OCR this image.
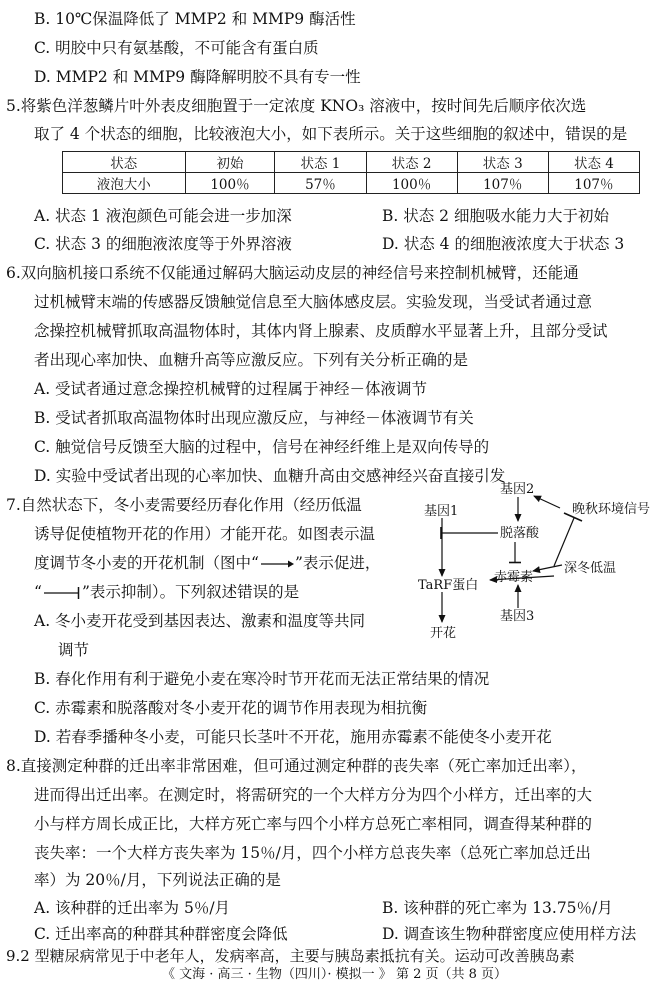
B. 10℃保温降低了 MMP2 和 MMP9 酶活性
C. 明胶中只有氨基酸，不可能含有蛋白质
D. MMP2 和 MMP9 酶降解明胶不具有专一性
5.将紫色洋葱鳞片叶外表皮细胞置于一定浓度 KNO₃ 溶液中，按时间先后顺序依次选
取了 4 个状态的细胞，比较液泡大小，如下表所示。关于这些细胞的叙述中，错误的是
状态	初始	状态 1	状态 2	状态 3	状态 4
液泡大小	100％	57％	100％	107％	107％
A. 状态 1 液泡颜色可能会进一步加深	B. 状态 2 细胞吸水能力大于初始
C. 状态 3 的细胞液浓度等于外界溶液	D. 状态 4 的细胞液浓度大于状态 3
6.双向脑机接口系统不仅能通过解码大脑运动皮层的神经信号来控制机械臂，还能通
过机械臂末端的传感器反馈触觉信息至大脑体感皮层。实验发现，当受试者通过意
念操控机械臂抓取高温物体时，其体内肾上腺素、皮质醇水平显著上升，且部分受试
者出现心率加快、血糖升高等应激反应。下列有关分析正确的是
A. 受试者通过意念操控机械臂的过程属于神经－体液调节
B. 受试者抓取高温物体时出现应激反应，与神经－体液调节有关
C. 触觉信号反馈至大脑的过程中，信号在神经纤维上是双向传导的
D. 实验中受试者出现的心率加快、血糖升高由交感神经兴奋直接引发
7.自然状态下，冬小麦需要经历春化作用（经历低温
诱导促使植物开花的作用）才能开花。如图表示温
度调节冬小麦的开花机制（图中“ ”表示促进，
“	”表示抑制）。下列叙述错误的是
A. 冬小麦开花受到基因表达、激素和温度等共同
调节
B. 春化作用有利于避免小麦在寒冷时节开花而无法正常结果的情况
C. 赤霉素和脱落酸对冬小麦开花的调节作用表现为相抗衡
D. 若春季播种冬小麦，可能只长茎叶不开花，施用赤霉素不能使冬小麦开花
基因1
基因2
晚秋环境信号
脱落酸
深冬低温
TaRF蛋白
赤霉素
基因3
开花
8.直接测定种群的迁出率非常困难，但可通过测定种群的丧失率（死亡率加迁出率），
进而得出迁出率。在测定时，将需研究的一个大样方分为四个小样方，迁出率的大
小与样方周长成正比，大样方死亡率与四个小样方总死亡率相同，调查得某种群的
丧失率：一个大样方丧失率为 15％/月，四个小样方总丧失率（总死亡率加总迁出
率）为 20％/月，下列说法正确的是
A. 该种群的迁出率为 5％/月	B. 该种群的死亡率为 13.75％/月
C. 迁出率高的种群其种群密度会降低	D. 调查该生物种群密度应使用样方法
9.2 型糖尿病常见于中老年人，发病率高，主要与胰岛素抵抗有关。运动可改善胰岛素
《 文海 · 高三 · 生物（四川）· 模拟一 》 第 2 页（共 8 页）
